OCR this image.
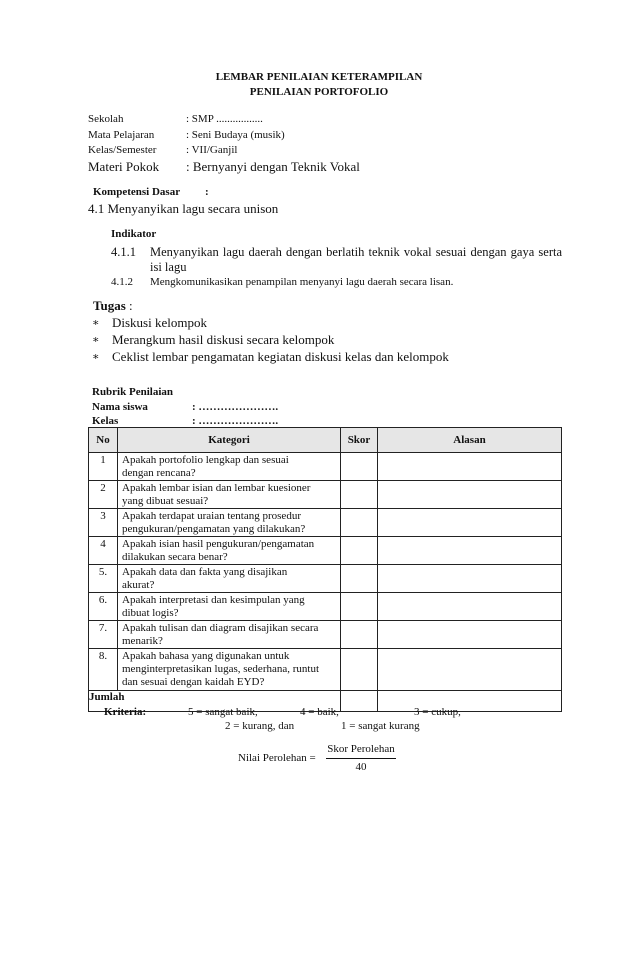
LEMBAR PENILAIAN KETERAMPILAN
PENILAIAN PORTOFOLIO
Sekolah	: SMP .................
Mata Pelajaran	: Seni Budaya (musik)
Kelas/Semester	: VII/Ganjil
Materi Pokok : Bernyanyi dengan Teknik Vokal
Kompetensi Dasar :
4.1 Menyanyikan lagu secara unison
Indikator
4.1.1 Menyanyikan lagu daerah dengan berlatih teknik vokal sesuai dengan gaya serta
isi lagu
4.1.2 Mengkomunikasikan penampilan menyanyi lagu daerah secara lisan.
Tugas :
∗ Diskusi kelompok
∗ Merangkum hasil diskusi secara kelompok
∗ Ceklist lembar pengamatan kegiatan diskusi kelas dan kelompok
Rubrik Penilaian
Nama siswa	: ………………….
Kelas	: ………………….
No	Kategori	Skor	Alasan
1	Apakah portofolio lengkap dan sesuai
dengan rencana?		

2	Apakah lembar isian dan lembar kuesioner
yang dibuat sesuai?		

3	Apakah terdapat uraian tentang prosedur
pengukuran/pengamatan yang dilakukan?		

4	Apakah isian hasil pengukuran/pengamatan
dilakukan secara benar?		

5.	Apakah data dan fakta yang disajikan
akurat?		

6.	Apakah interpretasi dan kesimpulan yang
dibuat logis?		

7.	Apakah tulisan dan diagram disajikan secara
menarik?		

8.	Apakah bahasa yang digunakan untuk
menginterpretasikan lugas, sederhana, runtut
dan sesuai dengan kaidah EYD?		

Jumlah			
Kriteria:	5 = sangat baik,	4 = baik,	3 = cukup,
2 = kurang, dan	1 = sangat kurang
Nilai Perolehan =
Skor Perolehan
40
